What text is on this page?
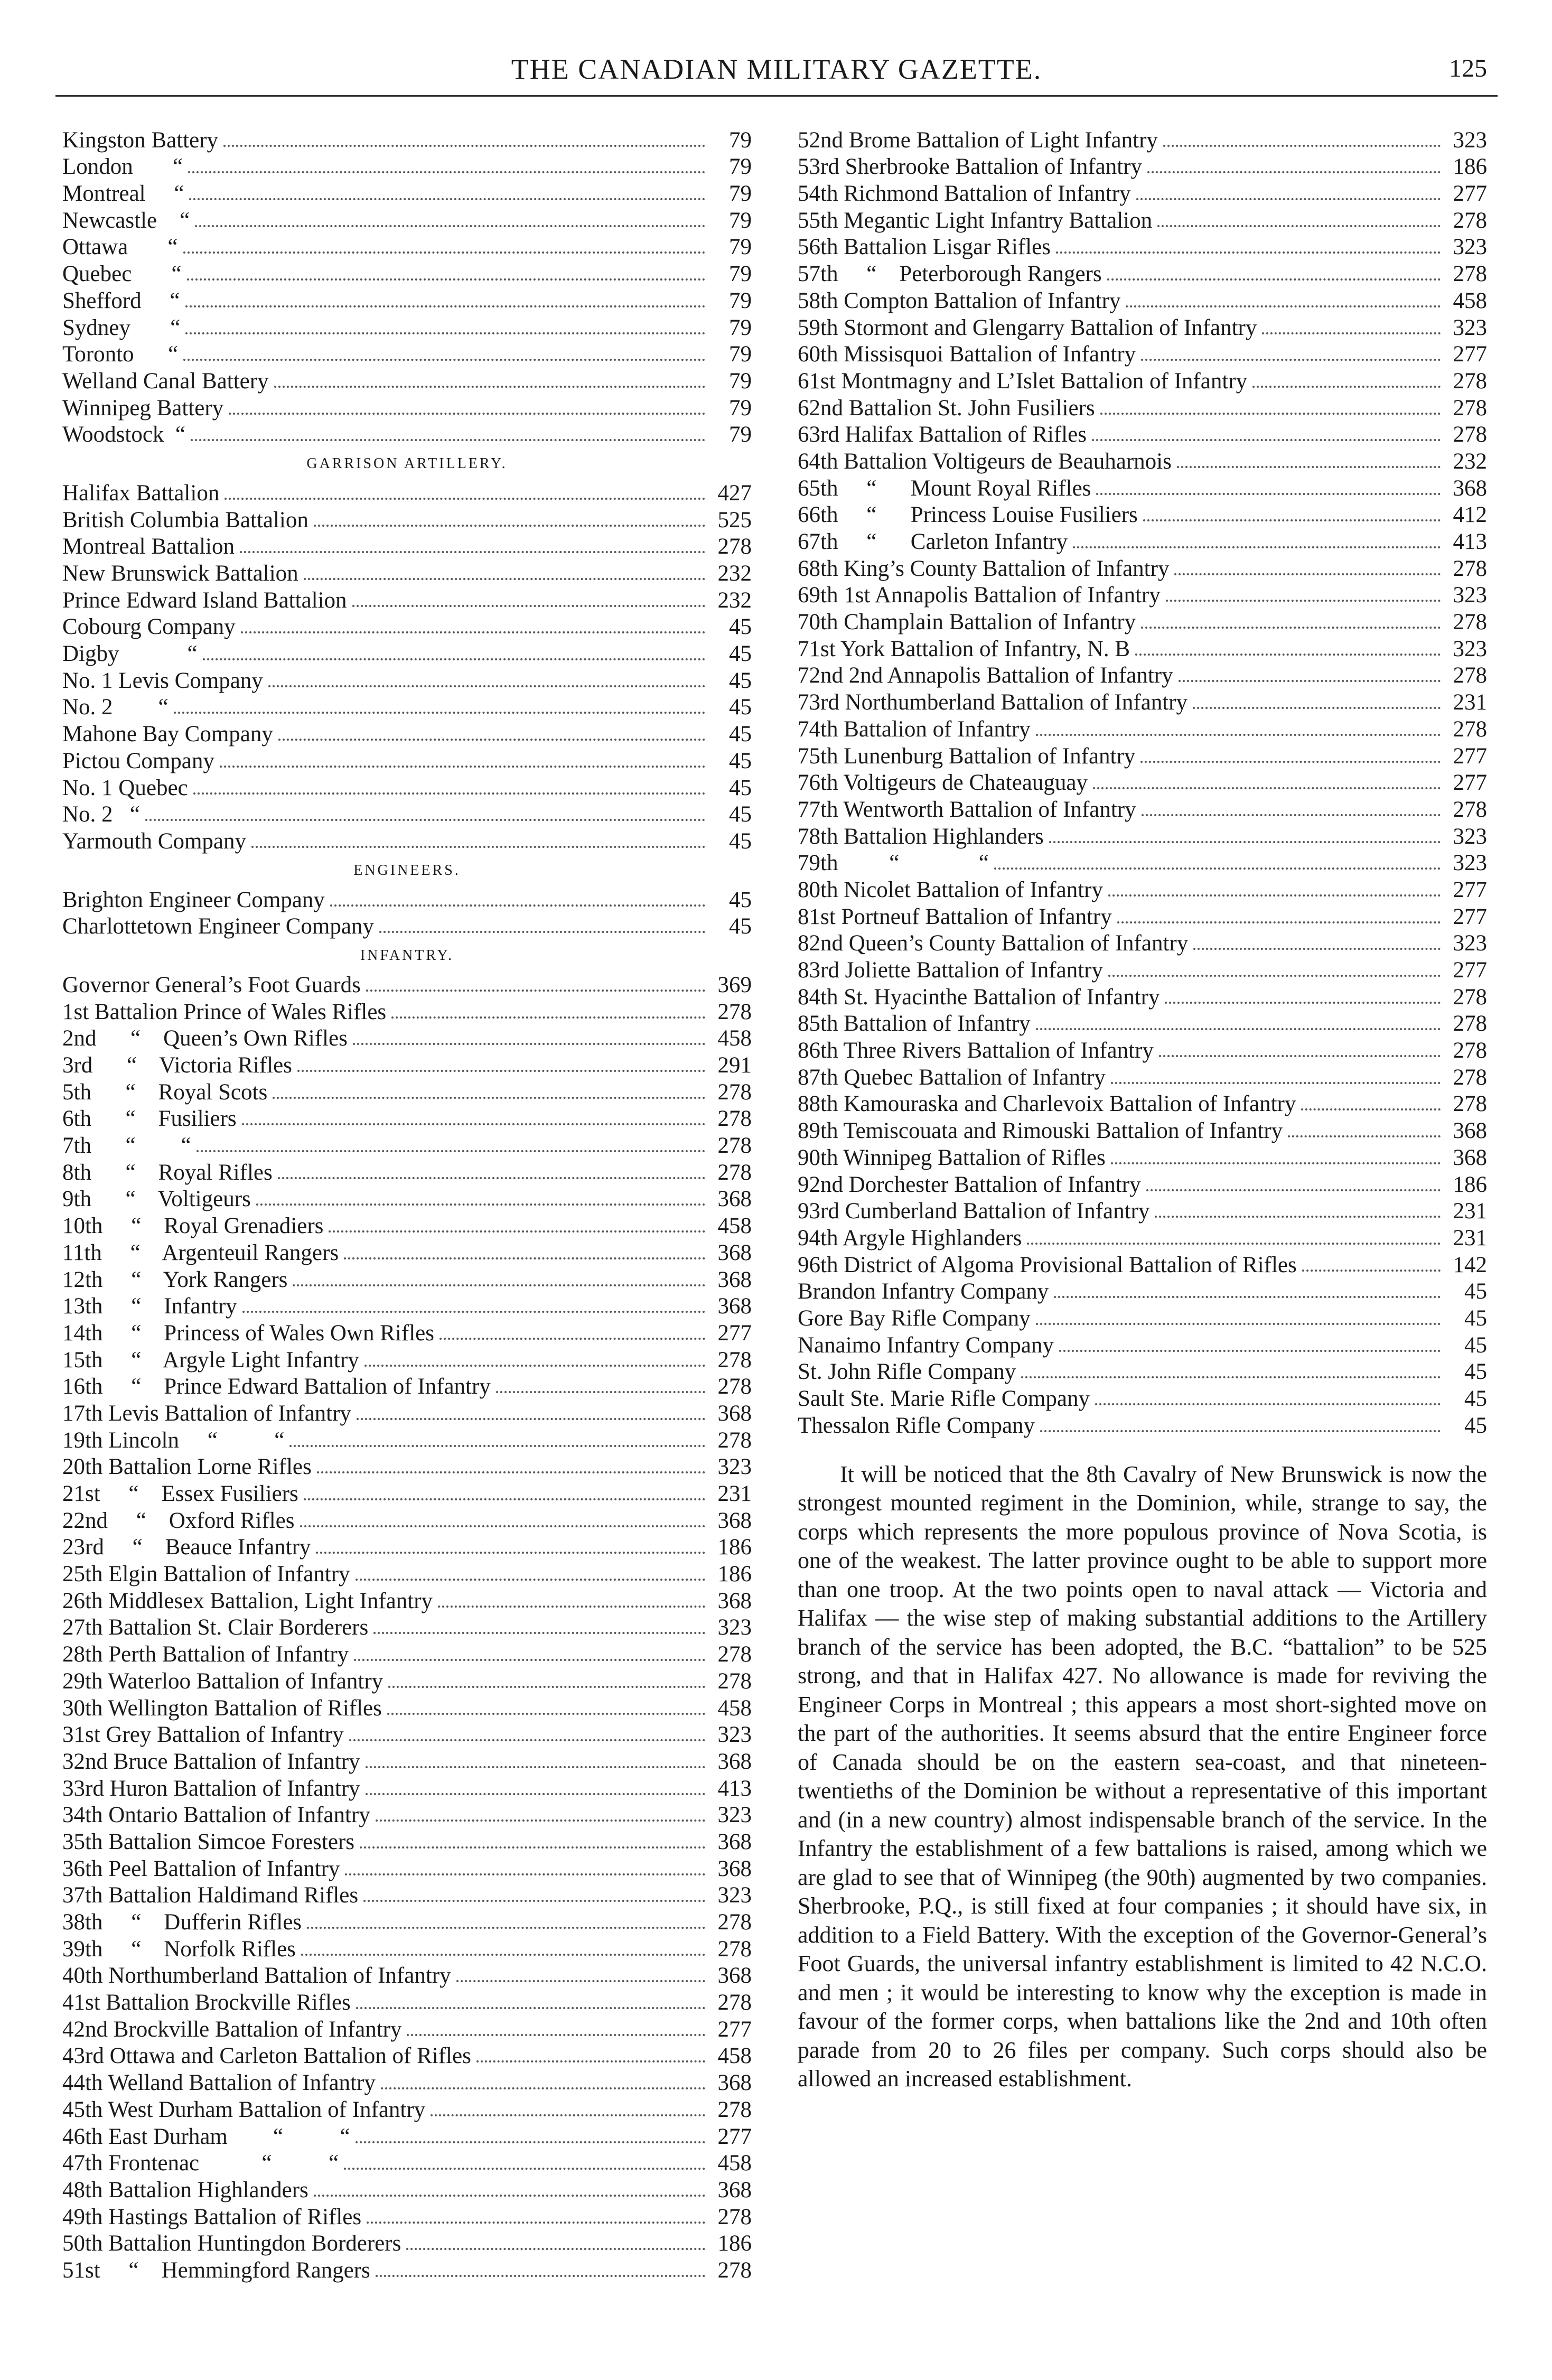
THE CANADIAN MILITARY GAZETTE.	125
Kingston Battery	79
London       “	79
Montreal     “	79
Newcastle    “	79
Ottawa       “	79
Quebec       “	79
Shefford     “	79
Sydney       “	79
Toronto      “	79
Welland Canal Battery	79
Winnipeg Battery	79
Woodstock  “	79
GARRISON ARTILLERY.
Halifax Battalion	427
British Columbia Battalion	525
Montreal Battalion	278
New Brunswick Battalion	232
Prince Edward Island Battalion	232
Cobourg Company	45
Digby            “	45
No. 1 Levis Company	45
No. 2        “	45
Mahone Bay Company	45
Pictou Company	45
No. 1 Quebec	45
No. 2   “	45
Yarmouth Company	45
ENGINEERS.
Brighton Engineer Company	45
Charlottetown Engineer Company	45
INFANTRY.
Governor General’s Foot Guards	369
1st Battalion Prince of Wales Rifles	278
2nd      “    Queen’s Own Rifles	458
3rd      “    Victoria Rifles	291
5th      “    Royal Scots	278
6th      “    Fusiliers	278
7th      “        “	278
8th      “    Royal Rifles	278
9th      “    Voltigeurs	368
10th     “    Royal Grenadiers	458
11th     “    Argenteuil Rangers	368
12th     “    York Rangers	368
13th     “    Infantry	368
14th     “    Princess of Wales Own Rifles	277
15th     “    Argyle Light Infantry	278
16th     “    Prince Edward Battalion of Infantry	278
17th Levis Battalion of Infantry	368
19th Lincoln     “          “	278
20th Battalion Lorne Rifles	323
21st     “    Essex Fusiliers	231
22nd     “    Oxford Rifles	368
23rd     “    Beauce Infantry	186
25th Elgin Battalion of Infantry	186
26th Middlesex Battalion, Light Infantry	368
27th Battalion St. Clair Borderers	323
28th Perth Battalion of Infantry	278
29th Waterloo Battalion of Infantry	278
30th Wellington Battalion of Rifles	458
31st Grey Battalion of Infantry	323
32nd Bruce Battalion of Infantry	368
33rd Huron Battalion of Infantry	413
34th Ontario Battalion of Infantry	323
35th Battalion Simcoe Foresters	368
36th Peel Battalion of Infantry	368
37th Battalion Haldimand Rifles	323
38th     “    Dufferin Rifles	278
39th     “    Norfolk Rifles	278
40th Northumberland Battalion of Infantry	368
41st Battalion Brockville Rifles	278
42nd Brockville Battalion of Infantry	277
43rd Ottawa and Carleton Battalion of Rifles	458
44th Welland Battalion of Infantry	368
45th West Durham Battalion of Infantry	278
46th East Durham        “          “	277
47th Frontenac           “          “	458
48th Battalion Highlanders	368
49th Hastings Battalion of Rifles	278
50th Battalion Huntingdon Borderers	186
51st     “    Hemmingford Rangers	278
52nd Brome Battalion of Light Infantry	323
53rd Sherbrooke Battalion of Infantry	186
54th Richmond Battalion of Infantry	277
55th Megantic Light Infantry Battalion	278
56th Battalion Lisgar Rifles	323
57th     “    Peterborough Rangers	278
58th Compton Battalion of Infantry	458
59th Stormont and Glengarry Battalion of Infantry	323
60th Missisquoi Battalion of Infantry	277
61st Montmagny and L’Islet Battalion of Infantry	278
62nd Battalion St. John Fusiliers	278
63rd Halifax Battalion of Rifles	278
64th Battalion Voltigeurs de Beauharnois	232
65th     “      Mount Royal Rifles	368
66th     “      Princess Louise Fusiliers	412
67th     “      Carleton Infantry	413
68th King’s County Battalion of Infantry	278
69th 1st Annapolis Battalion of Infantry	323
70th Champlain Battalion of Infantry	278
71st York Battalion of Infantry, N. B	323
72nd 2nd Annapolis Battalion of Infantry	278
73rd Northumberland Battalion of Infantry	231
74th Battalion of Infantry	278
75th Lunenburg Battalion of Infantry	277
76th Voltigeurs de Chateauguay	277
77th Wentworth Battalion of Infantry	278
78th Battalion Highlanders	323
79th         “              “	323
80th Nicolet Battalion of Infantry	277
81st Portneuf Battalion of Infantry	277
82nd Queen’s County Battalion of Infantry	323
83rd Joliette Battalion of Infantry	277
84th St. Hyacinthe Battalion of Infantry	278
85th Battalion of Infantry	278
86th Three Rivers Battalion of Infantry	278
87th Quebec Battalion of Infantry	278
88th Kamouraska and Charlevoix Battalion of Infantry	278
89th Temiscouata and Rimouski Battalion of Infantry	368
90th Winnipeg Battalion of Rifles	368
92nd Dorchester Battalion of Infantry	186
93rd Cumberland Battalion of Infantry	231
94th Argyle Highlanders	231
96th District of Algoma Provisional Battalion of Rifles	142
Brandon Infantry Company	45
Gore Bay Rifle Company	45
Nanaimo Infantry Company	45
St. John Rifle Company	45
Sault Ste. Marie Rifle Company	45
Thessalon Rifle Company	45

It will be noticed that the 8th Cavalry of New Brunswick is now the strongest mounted regiment in the Dominion, while, strange to say, the corps which represents the more populous province of Nova Scotia, is one of the weakest. The latter province ought to be able to support more than one troop. At the two points open to naval attack — Victoria and Halifax — the wise step of making substantial additions to the Artillery branch of the service has been adopted, the B.C. “battalion” to be 525 strong, and that in Halifax 427. No allowance is made for reviving the Engineer Corps in Montreal ; this appears a most short-sighted move on the part of the authorities. It seems absurd that the entire Engineer force of Canada should be on the eastern sea-coast, and that nineteen-twentieths of the Dominion be without a representative of this important and (in a new country) almost indispensable branch of the service. In the Infantry the establishment of a few battalions is raised, among which we are glad to see that of Winnipeg (the 90th) augmented by two companies. Sherbrooke, P.Q., is still fixed at four companies ; it should have six, in addition to a Field Battery. With the exception of the Governor-General’s Foot Guards, the universal infantry establishment is limited to 42 N.C.O. and men ; it would be interesting to know why the exception is made in favour of the former corps, when battalions like the 2nd and 10th often parade from 20 to 26 files per company. Such corps should also be allowed an increased establishment.
